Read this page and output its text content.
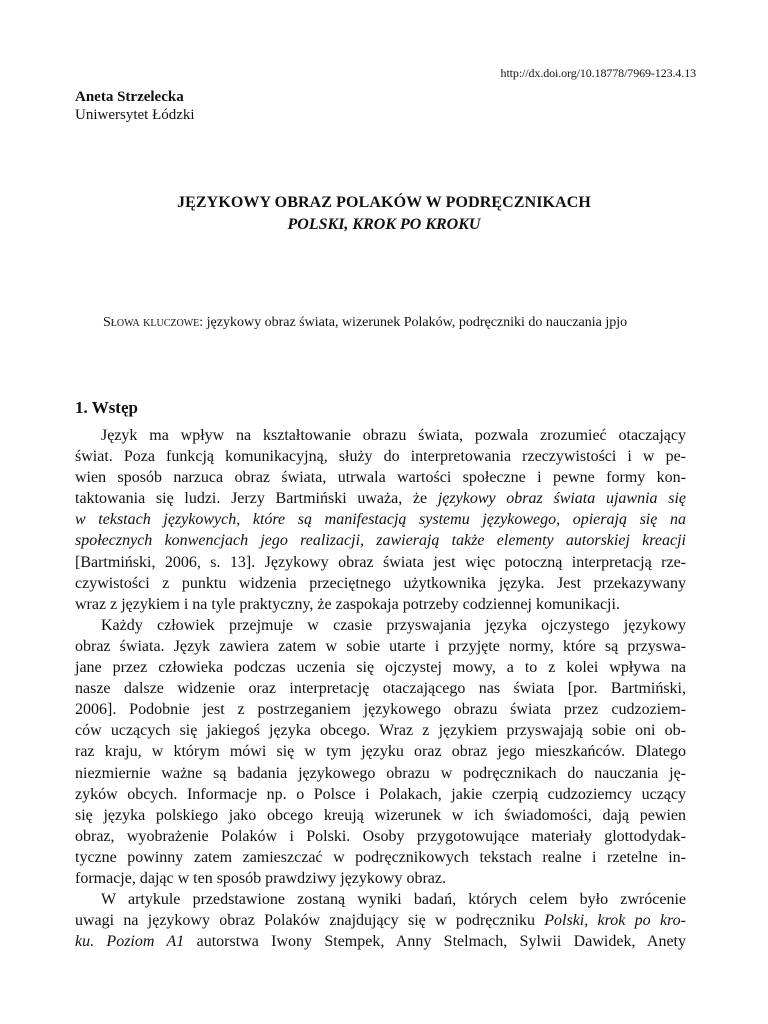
http://dx.doi.org/10.18778/7969-123.4.13
Aneta Strzelecka
Uniwersytet Łódzki
JĘZYKOWY OBRAZ POLAKÓW W PODRĘCZNIKACH
POLSKI, KROK PO KROKU
Słowa kluczowe: językowy obraz świata, wizerunek Polaków, podręczniki do nauczania jpjo
1. Wstęp
Język ma wpływ na kształtowanie obrazu świata, pozwala zrozumieć otaczający
świat. Poza funkcją komunikacyjną, służy do interpretowania rzeczywistości i w pe-
wien sposób narzuca obraz świata, utrwala wartości społeczne i pewne formy kon-
taktowania się ludzi. Jerzy Bartmiński uważa, że językowy obraz świata ujawnia się
w tekstach językowych, które są manifestacją systemu językowego, opierają się na
społecznych konwencjach jego realizacji, zawierają także elementy autorskiej kreacji
[Bartmiński, 2006, s. 13]. Językowy obraz świata jest więc potoczną interpretacją rze-
czywistości z punktu widzenia przeciętnego użytkownika języka. Jest przekazywany
wraz z językiem i na tyle praktyczny, że zaspokaja potrzeby codziennej komunikacji.
Każdy człowiek przejmuje w czasie przyswajania języka ojczystego językowy
obraz świata. Język zawiera zatem w sobie utarte i przyjęte normy, które są przyswa-
jane przez człowieka podczas uczenia się ojczystej mowy, a to z kolei wpływa na
nasze dalsze widzenie oraz interpretację otaczającego nas świata [por. Bartmiński,
2006]. Podobnie jest z postrzeganiem językowego obrazu świata przez cudzoziem-
ców uczących się jakiegoś języka obcego. Wraz z językiem przyswajają sobie oni ob-
raz kraju, w którym mówi się w tym języku oraz obraz jego mieszkańców. Dlatego
niezmiernie ważne są badania językowego obrazu w podręcznikach do nauczania ję-
zyków obcych. Informacje np. o Polsce i Polakach, jakie czerpią cudzoziemcy uczący
się języka polskiego jako obcego kreują wizerunek w ich świadomości, dają pewien
obraz, wyobrażenie Polaków i Polski. Osoby przygotowujące materiały glottodydak-
tyczne powinny zatem zamieszczać w podręcznikowych tekstach realne i rzetelne in-
formacje, dając w ten sposób prawdziwy językowy obraz.
W artykule przedstawione zostaną wyniki badań, których celem było zwrócenie
uwagi na językowy obraz Polaków znajdujący się w podręczniku Polski, krok po kro-
ku. Poziom A1 autorstwa Iwony Stempek, Anny Stelmach, Sylwii Dawidek, Anety
